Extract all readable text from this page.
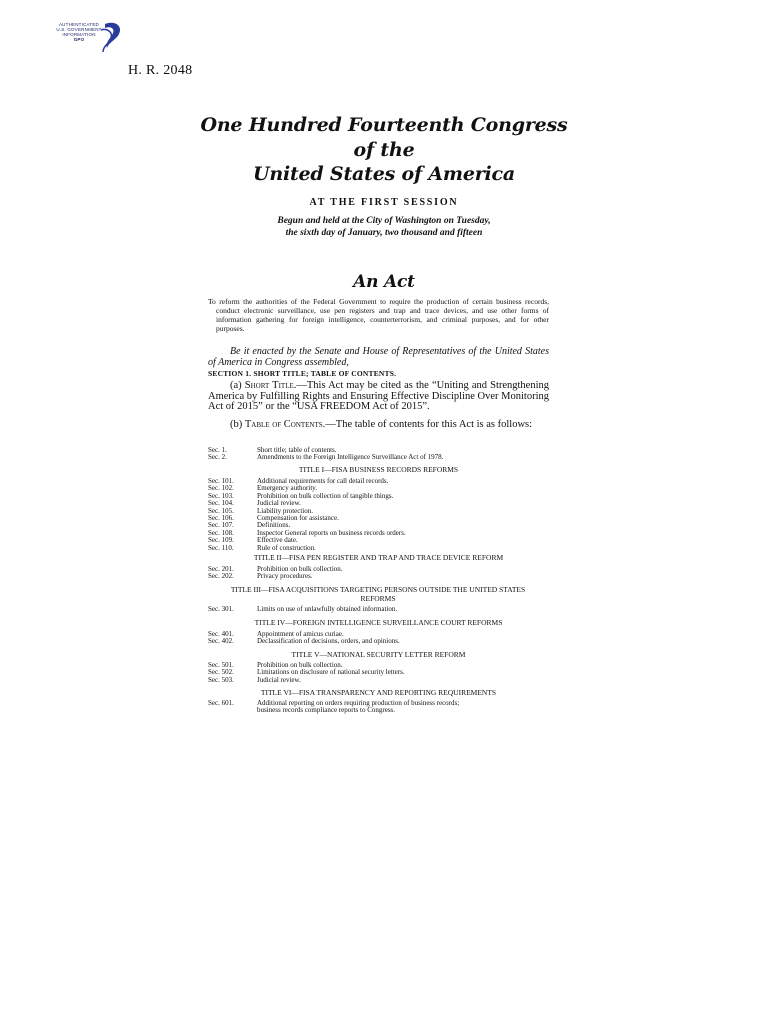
AUTHENTICATED
U.S. GOVERNMENT
INFORMATION
GPO
H. R. 2048
One Hundred Fourteenth Congress
of the
United States of America
AT THE FIRST SESSION
Begun and held at the City of Washington on Tuesday,
the sixth day of January, two thousand and fifteen
An Act
To reform the authorities of the Federal Government to require the production of certain business records, conduct electronic surveillance, use pen registers and trap and trace devices, and use other forms of information gathering for foreign intelligence, counterterrorism, and criminal purposes, and for other purposes.
Be it enacted by the Senate and House of Representatives of the United States of America in Congress assembled,
SECTION 1. SHORT TITLE; TABLE OF CONTENTS.
(a) Short Title.—This Act may be cited as the “Uniting and Strengthening America by Fulfilling Rights and Ensuring Effective Discipline Over Monitoring Act of 2015” or the “USA FREEDOM Act of 2015”.
(b) Table of Contents.—The table of contents for this Act is as follows:
Sec. 1.	Short title; table of contents.
Sec. 2.	Amendments to the Foreign Intelligence Surveillance Act of 1978.
TITLE I—FISA BUSINESS RECORDS REFORMS
Sec. 101.	Additional requirements for call detail records.
Sec. 102.	Emergency authority.
Sec. 103.	Prohibition on bulk collection of tangible things.
Sec. 104.	Judicial review.
Sec. 105.	Liability protection.
Sec. 106.	Compensation for assistance.
Sec. 107.	Definitions.
Sec. 108.	Inspector General reports on business records orders.
Sec. 109.	Effective date.
Sec. 110.	Rule of construction.
TITLE II—FISA PEN REGISTER AND TRAP AND TRACE DEVICE REFORM
Sec. 201.	Prohibition on bulk collection.
Sec. 202.	Privacy procedures.
TITLE III—FISA ACQUISITIONS TARGETING PERSONS OUTSIDE THE UNITED STATES REFORMS
Sec. 301.	Limits on use of unlawfully obtained information.
TITLE IV—FOREIGN INTELLIGENCE SURVEILLANCE COURT REFORMS
Sec. 401.	Appointment of amicus curiae.
Sec. 402.	Declassification of decisions, orders, and opinions.
TITLE V—NATIONAL SECURITY LETTER REFORM
Sec. 501.	Prohibition on bulk collection.
Sec. 502.	Limitations on disclosure of national security letters.
Sec. 503.	Judicial review.
TITLE VI—FISA TRANSPARENCY AND REPORTING REQUIREMENTS
Sec. 601.	Additional reporting on orders requiring production of business records;
business records compliance reports to Congress.
